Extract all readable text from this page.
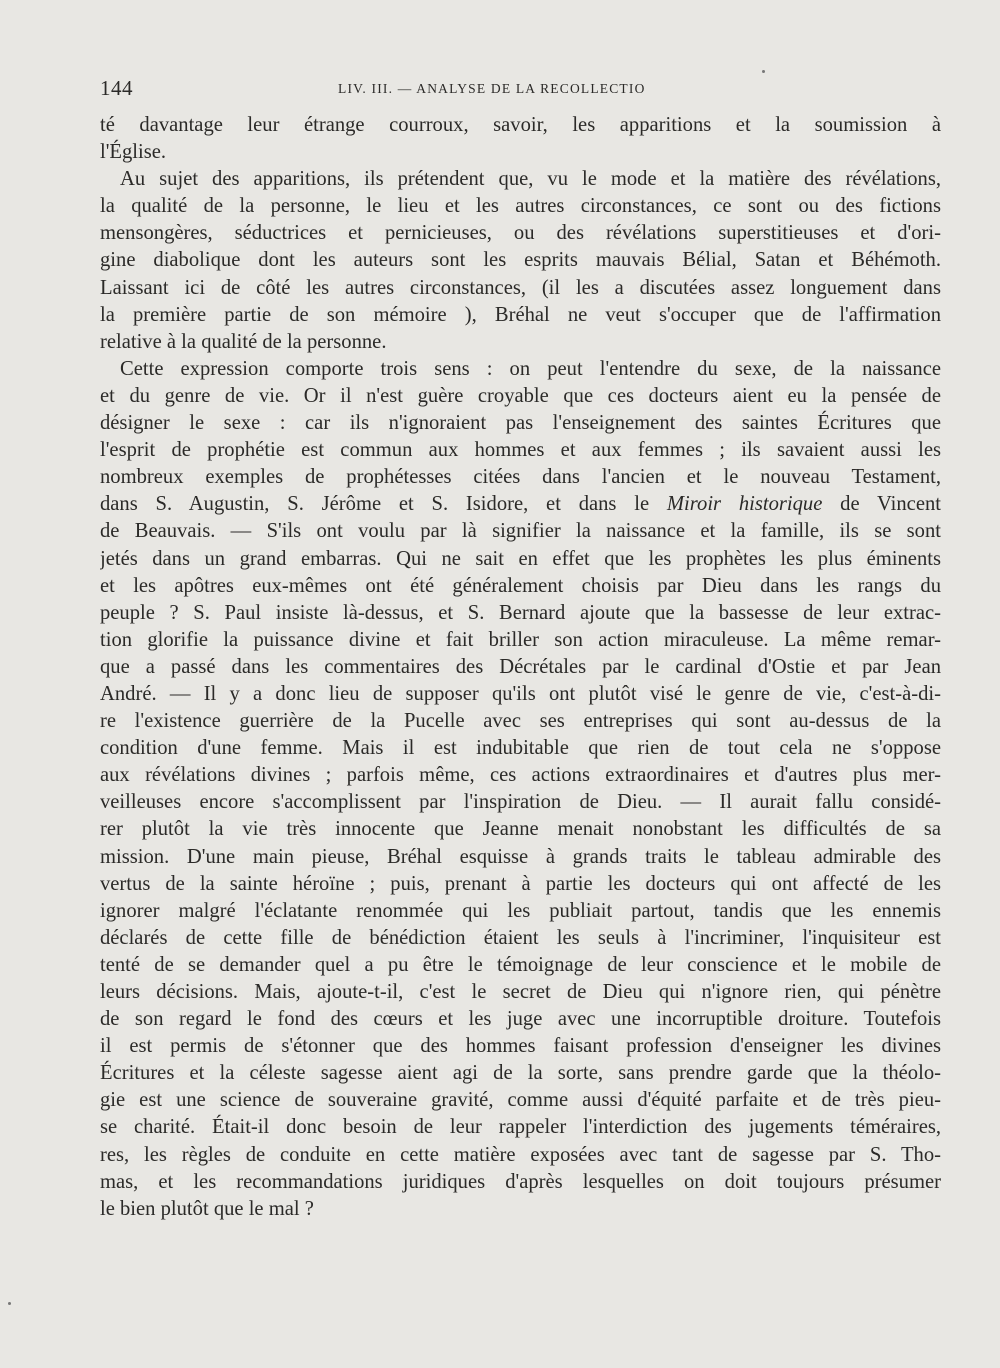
144	LIV. III. — ANALYSE DE LA RECOLLECTIO
té davantage leur étrange courroux, savoir, les apparitions et la soumission à
l'Église.
Au sujet des apparitions, ils prétendent que, vu le mode et la matière des révélations,
la qualité de la personne, le lieu et les autres circonstances, ce sont ou des fictions
mensongères, séductrices et pernicieuses, ou des révélations superstitieuses et d'ori-
gine diabolique dont les auteurs sont les esprits mauvais Bélial, Satan et Béhémoth.
Laissant ici de côté les autres circonstances, (il les a discutées assez longuement dans
la première partie de son mémoire ), Bréhal ne veut s'occuper que de l'affirmation
relative à la qualité de la personne.
Cette expression comporte trois sens : on peut l'entendre du sexe, de la naissance
et du genre de vie. Or il n'est guère croyable que ces docteurs aient eu la pensée de
désigner le sexe : car ils n'ignoraient pas l'enseignement des saintes Écritures que
l'esprit de prophétie est commun aux hommes et aux femmes ; ils savaient aussi les
nombreux exemples de prophétesses citées dans l'ancien et le nouveau Testament,
dans S. Augustin, S. Jérôme et S. Isidore, et dans le Miroir historique de Vincent
de Beauvais. — S'ils ont voulu par là signifier la naissance et la famille, ils se sont
jetés dans un grand embarras. Qui ne sait en effet que les prophètes les plus éminents
et les apôtres eux-mêmes ont été généralement choisis par Dieu dans les rangs du
peuple ? S. Paul insiste là-dessus, et S. Bernard ajoute que la bassesse de leur extrac-
tion glorifie la puissance divine et fait briller son action miraculeuse. La même remar-
que a passé dans les commentaires des Décrétales par le cardinal d'Ostie et par Jean
André. — Il y a donc lieu de supposer qu'ils ont plutôt visé le genre de vie, c'est-à-di-
re l'existence guerrière de la Pucelle avec ses entreprises qui sont au-dessus de la
condition d'une femme. Mais il est indubitable que rien de tout cela ne s'oppose
aux révélations divines ; parfois même, ces actions extraordinaires et d'autres plus mer-
veilleuses encore s'accomplissent par l'inspiration de Dieu. — Il aurait fallu considé-
rer plutôt la vie très innocente que Jeanne menait nonobstant les difficultés de sa
mission. D'une main pieuse, Bréhal esquisse à grands traits le tableau admirable des
vertus de la sainte héroïne ; puis, prenant à partie les docteurs qui ont affecté de les
ignorer malgré l'éclatante renommée qui les publiait partout, tandis que les ennemis
déclarés de cette fille de bénédiction étaient les seuls à l'incriminer, l'inquisiteur est
tenté de se demander quel a pu être le témoignage de leur conscience et le mobile de
leurs décisions. Mais, ajoute-t-il, c'est le secret de Dieu qui n'ignore rien, qui pénètre
de son regard le fond des cœurs et les juge avec une incorruptible droiture. Toutefois
il est permis de s'étonner que des hommes faisant profession d'enseigner les divines
Écritures et la céleste sagesse aient agi de la sorte, sans prendre garde que la théolo-
gie est une science de souveraine gravité, comme aussi d'équité parfaite et de très pieu-
se charité. Était-il donc besoin de leur rappeler l'interdiction des jugements téméraires,
res, les règles de conduite en cette matière exposées avec tant de sagesse par S. Tho-
mas, et les recommandations juridiques d'après lesquelles on doit toujours présumer
le bien plutôt que le mal ?
